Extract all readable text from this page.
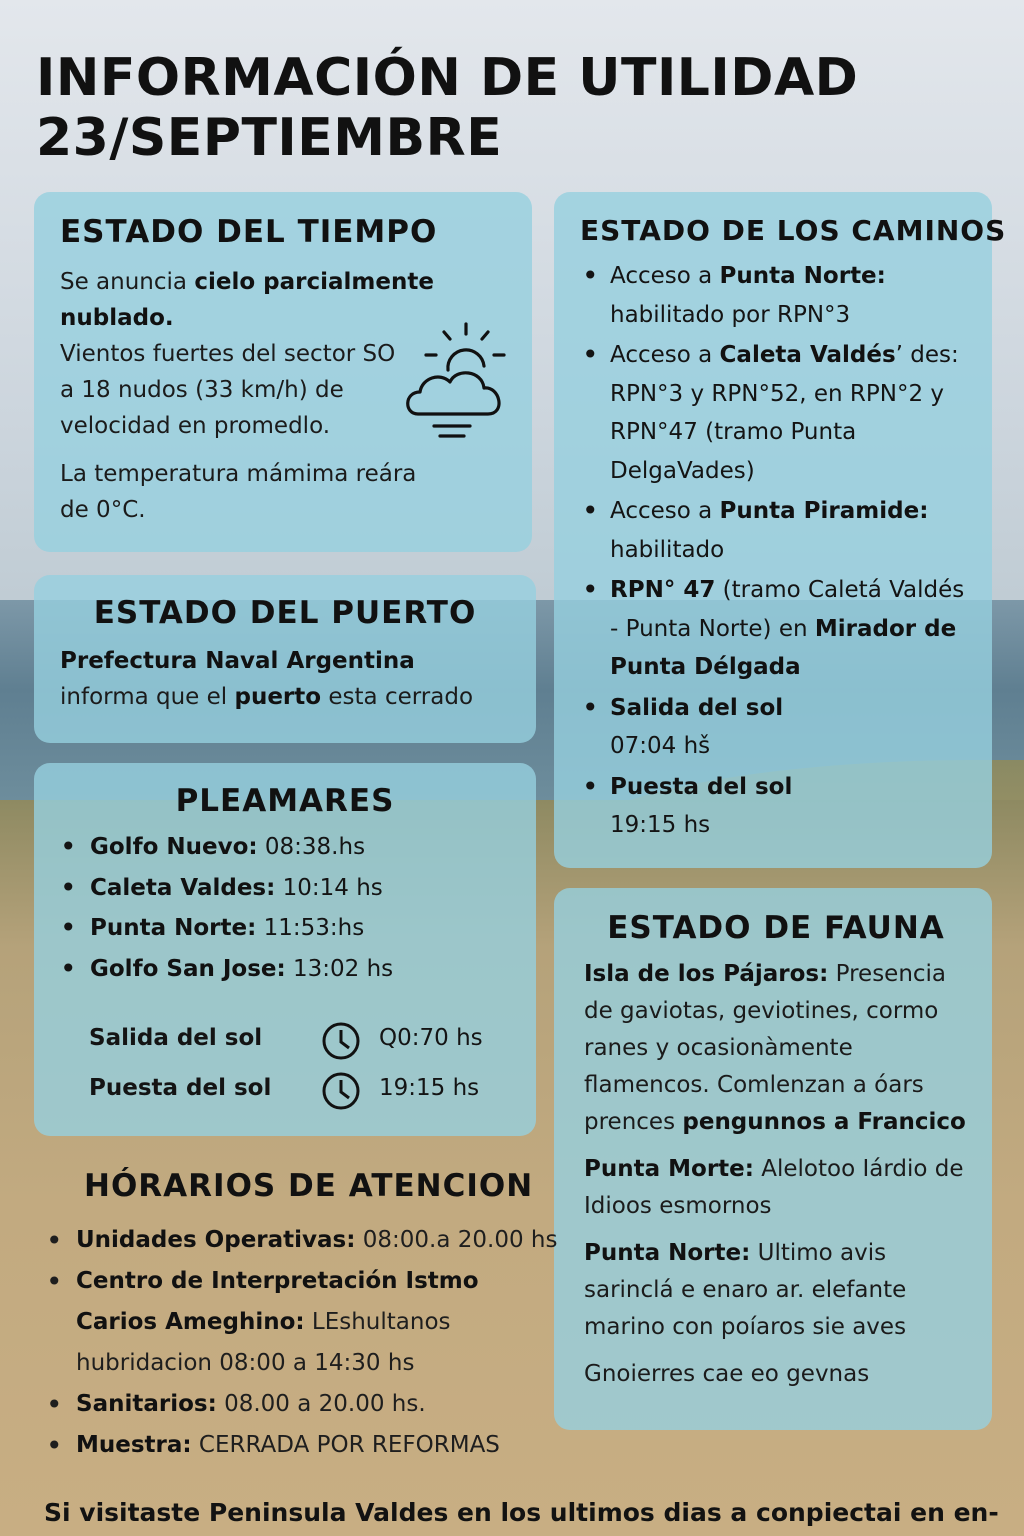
INFORMACIÓN DE UTILIDAD
23/SEPTIEMBRE
ESTADO DEL TIEMPO

Se anuncia cielo parcialmente nublado.

Vientos fuertes del sector SO a 18 nudos (33 km/h) de velocidad en promedlo.

La temperatura mámima reára de 0°C.

ESTADO DEL PUERTO

Prefectura Naval Argentina informa que el puerto esta cerrado

PLEAMARES
• Golfo Nuevo: 08:38.hs
• Caleta Valdes: 10:14 hs
• Punta Norte: 11:53:hs
• Golfo San Jose: 13:02 hs
Salida del sol	Q0:70 hs
Puesta del sol	19:15 hs
ESTADO DE LOS CAMINOS
• Acceso a Punta Norte:
habilitado por RPN°3
• Acceso a Caleta Valdés’ des: RPN°3 y RPN°52, en RPN°2 y RPN°47 (tramo Punta DelgaVades)
• Acceso a Punta Piramide:
habilitado
• RPN° 47 (tramo Caletá Valdés - Punta Norte) en Mirador de Punta Délgada
• Salida del sol
07:04 hš
• Puesta del sol
19:15 hs
ESTADO DE FAUNA

Isla de los Pájaros: Presencia de gaviotas, geviotines, cormo ranes y ocasionàmente flamencos. Comlenzan a óars prences pengunnos a Francico

Punta Morte: Alelotoo Iárdio de Idioos esmornos

Punta Norte: Ultimo avis sarinclá e enaro ar. elefante marino con poíaros sie aves

Gnoierres cae eo gevnas

HÓRARIOS DE ATENCION
• Unidades Operativas: 08:00.a 20.00 hs
• Centro de Interpretación Istmo Carios Ameghino: LEshultanos hubridacion 08:00 a 14:30 hs
• Sanitarios: 08.00 a 20.00 hs.
• Muestra: CERRADA POR REFORMAS

Si visitaste Peninsula Valdes en los ultimos dias a conpiectai en en-
